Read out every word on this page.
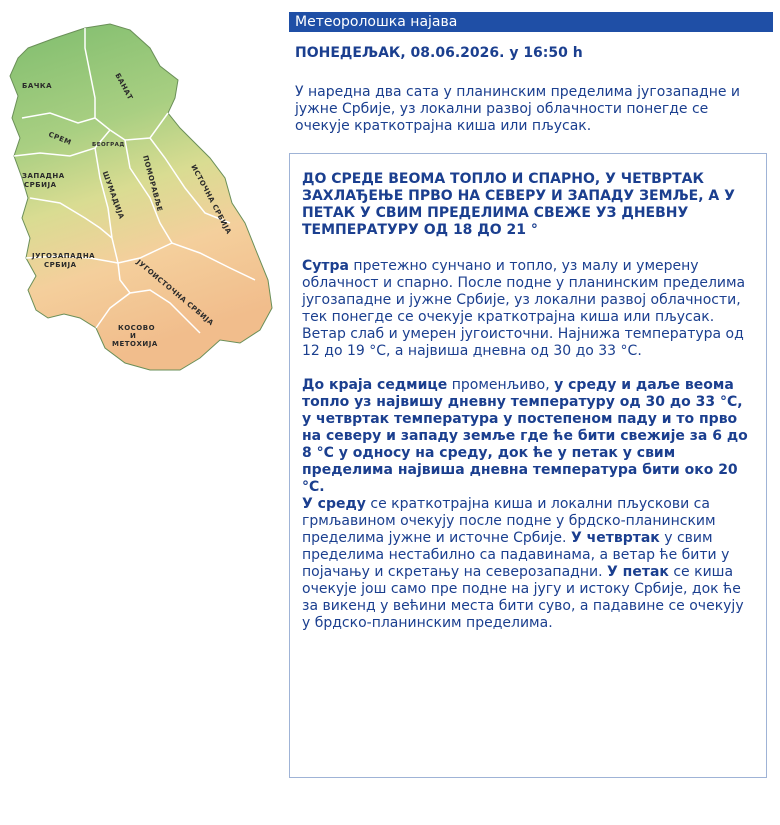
БАЧКА	БАНАТ
СРЕМ	БЕОГРАД
ЗАПАДНА
СРБИЈА	ШУМАДИЈА ПОМОРАВЉЕ	ИСТОЧНА СРБИЈА
ЈУГОЗАПАДНА
СРБИЈА	ЈУГОИСТОЧНА СРБИЈА
КОСОВО
И
МЕТОХИЈА
Метеоролошка најава
ПОНЕДЕЉАК, 08.06.2026. у 16:50 h
У наредна два сата у планинским пределима југозападне и јужне Србије, уз локални развој облачности понегде се очекује краткотрајна киша или пљусак.

ДО СРЕДЕ ВЕОМА ТОПЛО И СПАРНО, У ЧЕТВРТАК ЗАХЛАЂЕЊЕ ПРВО НА СЕВЕРУ И ЗАПАДУ ЗЕМЉЕ, А У ПЕТАК У СВИМ ПРЕДЕЛИМА СВЕЖЕ УЗ ДНЕВНУ ТЕМПЕРАТУРУ ОД 18 ДО 21 °

Сутра претежно сунчано и топло, уз малу и умерену облачност и спарно. После подне у планинским пределима југозападне и јужне Србије, уз локални развој облачности, тек понегде се очекује краткотрајна киша или пљусак. Ветар слаб и умерен југоисточни. Најнижа температура од 12 до 19 °C, а највиша дневна од 30 до 33 °C.

До краја седмице променљиво, у среду и даље веома топло уз највишу дневну температуру од 30 до 33 °C, у четвртак температура у постепеном паду и то прво на северу и западу земље где ће бити свежије за 6 до 8 °C у односу на среду, док ће у петак у свим пределима највиша дневна температура бити око 20 °C.

У среду се краткотрајна киша и локални пљускови са грмљавином очекују после подне у брдско-планинским пределима јужне и источне Србије. У четвртак у свим пределима нестабилно са падавинама, а ветар ће бити у појачању и скретању на северозападни. У петак се киша очекује још само пре подне на југу и истоку Србије, док ће за викенд у већини места бити суво, а падавине се очекују у брдско-планинским пределима.
